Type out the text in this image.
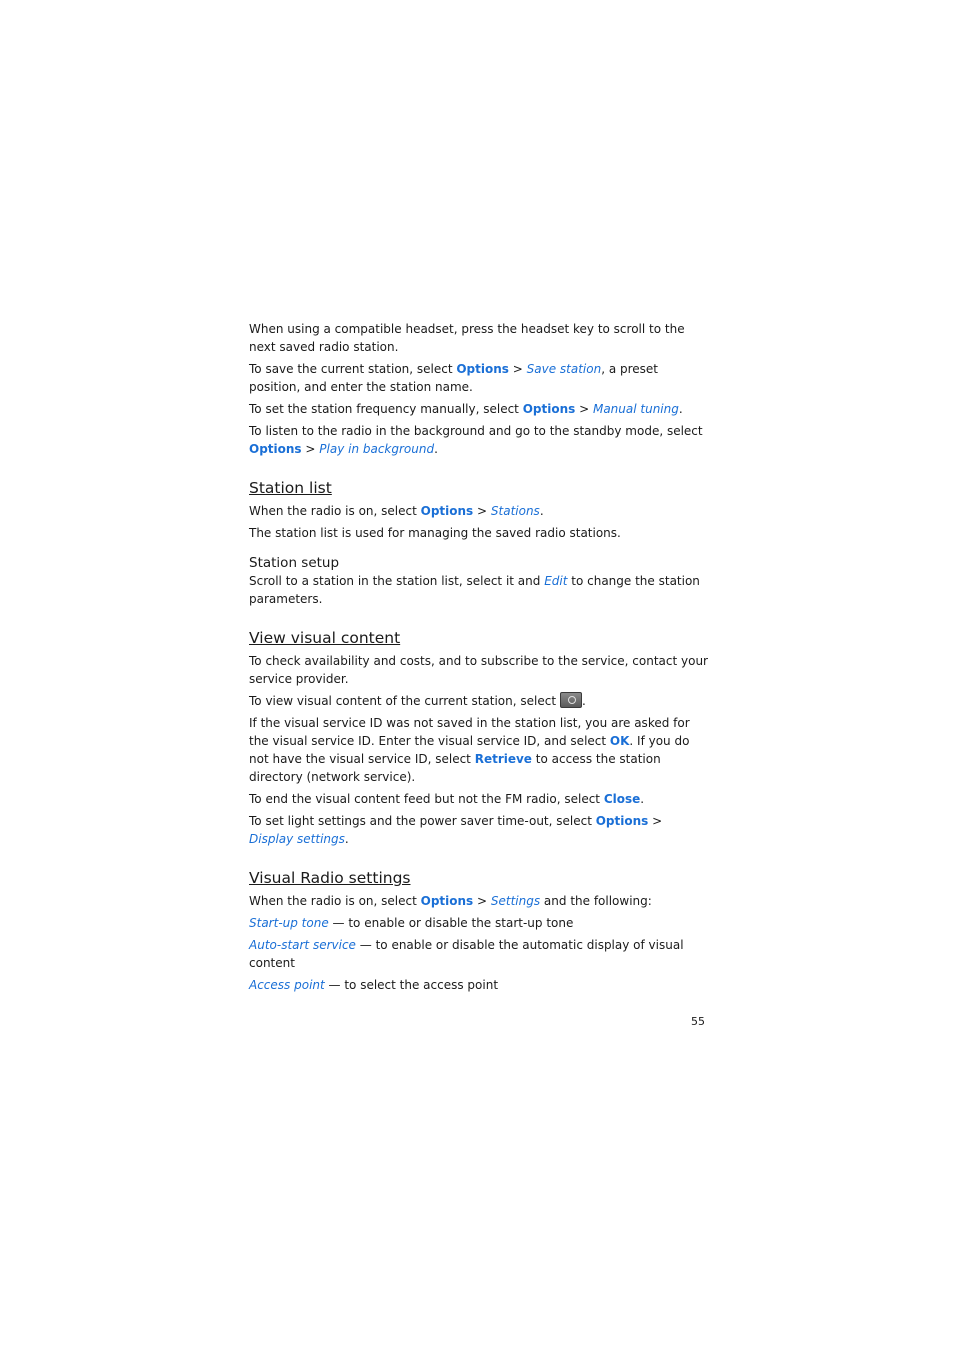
When using a compatible headset, press the headset key to scroll to the next saved radio station.

To save the current station, select Options > Save station, a preset position, and enter the station name.

To set the station frequency manually, select Options > Manual tuning.

To listen to the radio in the background and go to the standby mode, select Options > Play in background.

Station list

When the radio is on, select Options > Stations.

The station list is used for managing the saved radio stations.

Station setup

Scroll to a station in the station list, select it and Edit to change the station parameters.

View visual content

To check availability and costs, and to subscribe to the service, contact your service provider.

To view visual content of the current station, select .

If the visual service ID was not saved in the station list, you are asked for the visual service ID. Enter the visual service ID, and select OK. If you do not have the visual service ID, select Retrieve to access the station directory (network service).

To end the visual content feed but not the FM radio, select Close.

To set light settings and the power saver time-out, select Options > Display settings.

Visual Radio settings

When the radio is on, select Options > Settings and the following:

Start-up tone — to enable or disable the start-up tone

Auto-start service — to enable or disable the automatic display of visual content

Access point — to select the access point

55
